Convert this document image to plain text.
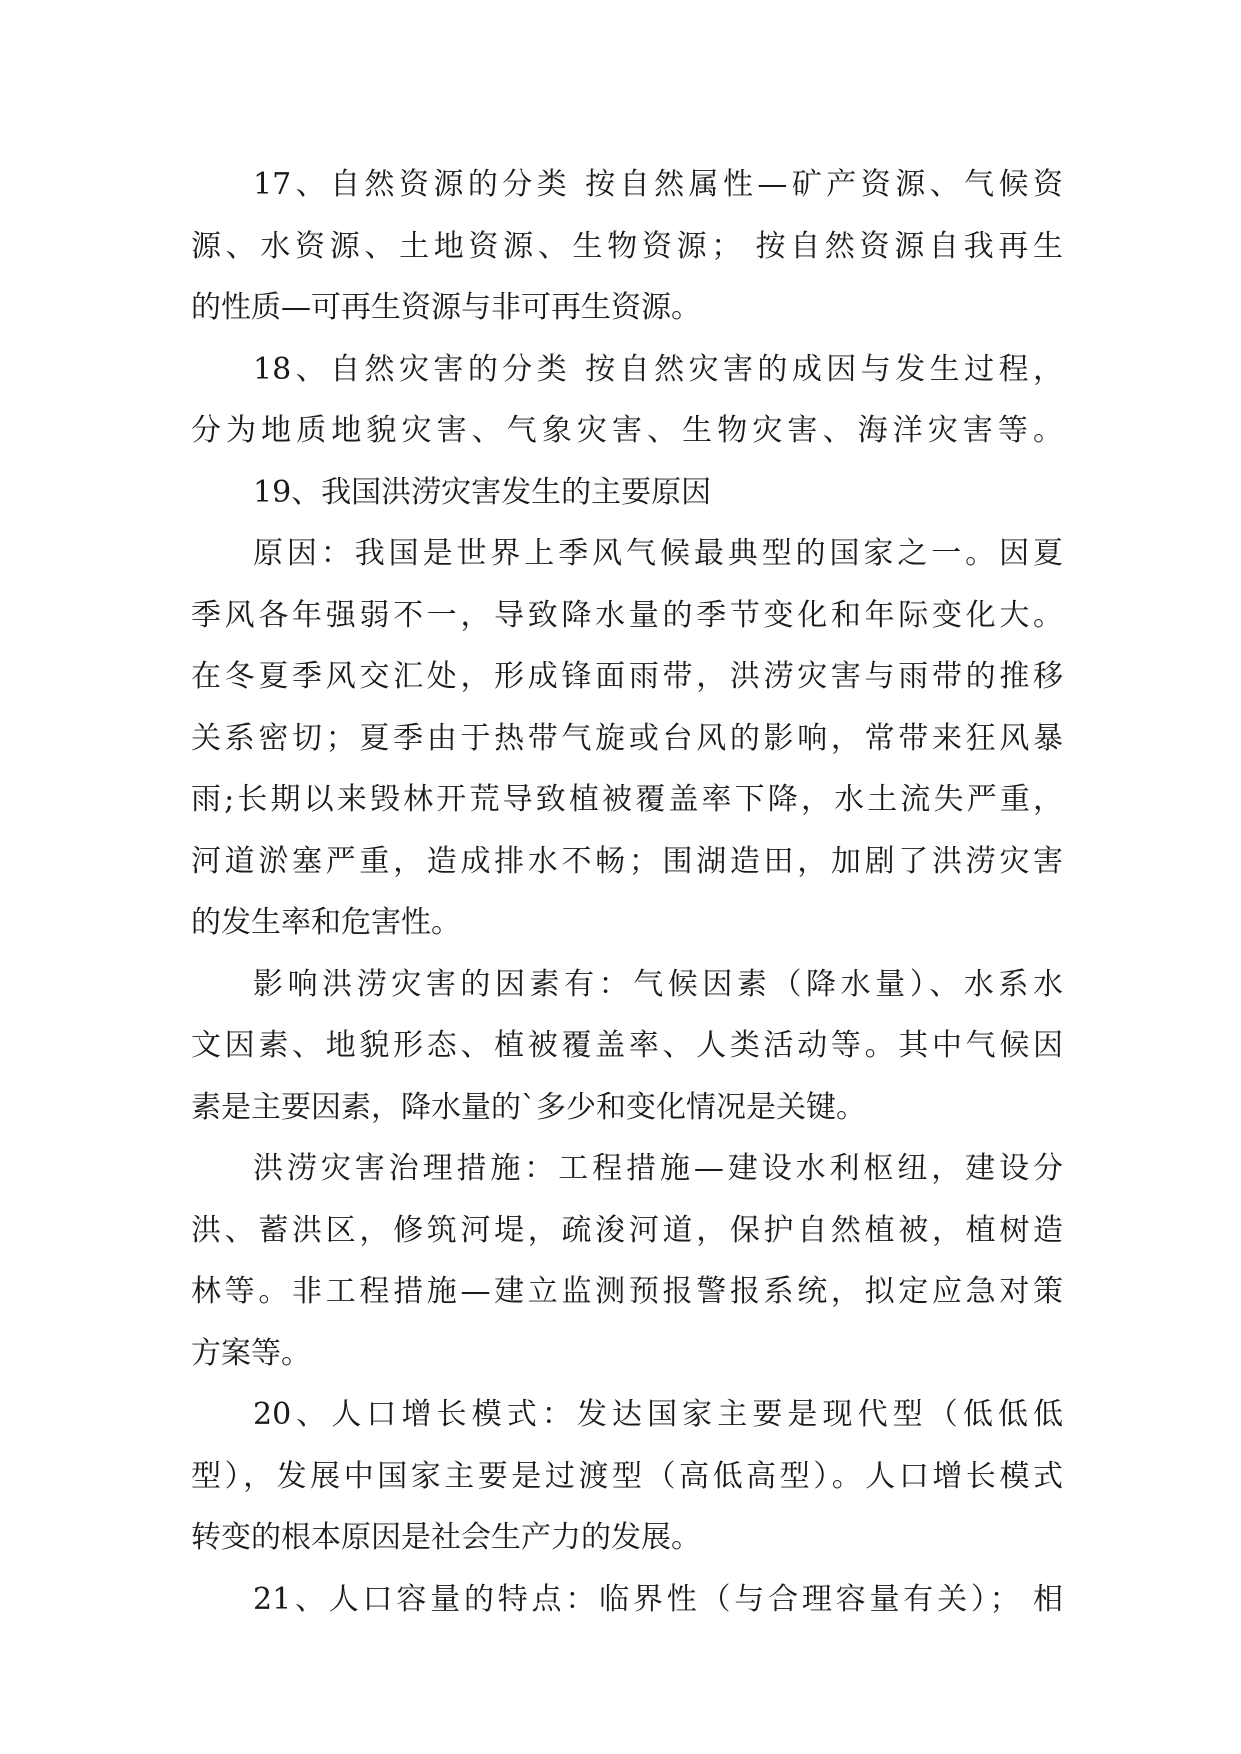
17、自然资源的分类 按自然属性—矿产资源、气候资
源、水资源、土地资源、生物资源； 按自然资源自我再生
的性质—可再生资源与非可再生资源。
18、自然灾害的分类 按自然灾害的成因与发生过程，
分为地质地貌灾害、气象灾害、生物灾害、海洋灾害等。
19、我国洪涝灾害发生的主要原因
原因：我国是世界上季风气候最典型的国家之一。因夏
季风各年强弱不一，导致降水量的季节变化和年际变化大。
在冬夏季风交汇处，形成锋面雨带，洪涝灾害与雨带的推移
关系密切；夏季由于热带气旋或台风的影响，常带来狂风暴
雨;长期以来毁林开荒导致植被覆盖率下降，水土流失严重，
河道淤塞严重，造成排水不畅；围湖造田，加剧了洪涝灾害
的发生率和危害性。
影响洪涝灾害的因素有：气候因素（降水量）、水系水
文因素、地貌形态、植被覆盖率、人类活动等。其中气候因
素是主要因素，降水量的`多少和变化情况是关键。
洪涝灾害治理措施：工程措施—建设水利枢纽，建设分
洪、蓄洪区，修筑河堤，疏浚河道，保护自然植被，植树造
林等。非工程措施—建立监测预报警报系统，拟定应急对策
方案等。
20、人口增长模式：发达国家主要是现代型（低低低
型），发展中国家主要是过渡型（高低高型）。人口增长模式
转变的根本原因是社会生产力的发展。
21、人口容量的特点：临界性（与合理容量有关）； 相
